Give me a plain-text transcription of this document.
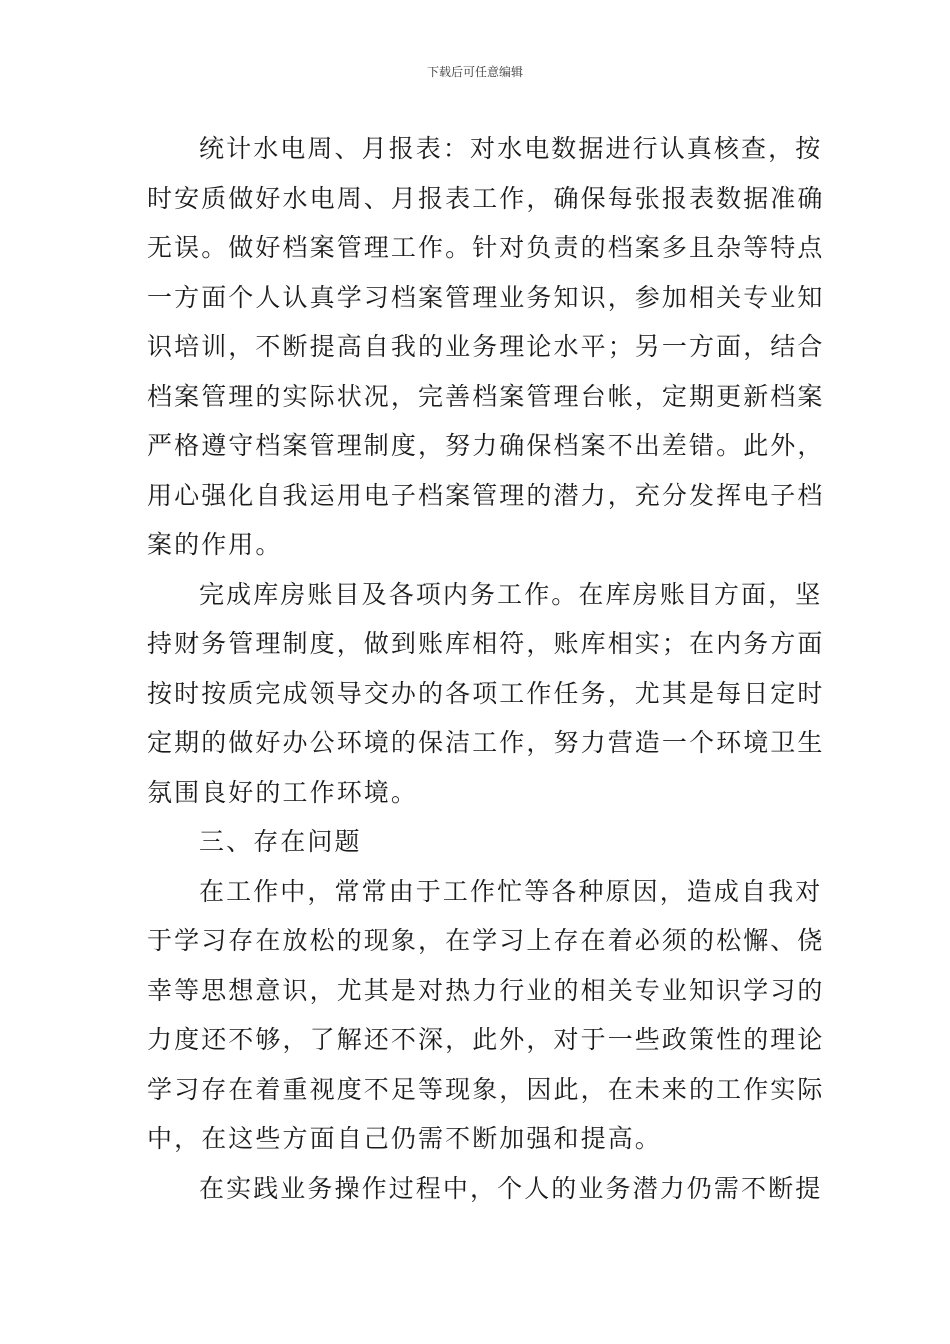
下载后可任意编辑
统计水电周、月报表：对水电数据进行认真核查，按
时安质做好水电周、月报表工作，确保每张报表数据准确
无误。做好档案管理工作。针对负责的档案多且杂等特点
一方面个人认真学习档案管理业务知识，参加相关专业知
识培训，不断提高自我的业务理论水平；另一方面，结合
档案管理的实际状况，完善档案管理台帐，定期更新档案
严格遵守档案管理制度，努力确保档案不出差错。此外，
用心强化自我运用电子档案管理的潜力，充分发挥电子档
案的作用。
完成库房账目及各项内务工作。在库房账目方面，坚
持财务管理制度，做到账库相符，账库相实；在内务方面
按时按质完成领导交办的各项工作任务，尤其是每日定时
定期的做好办公环境的保洁工作，努力营造一个环境卫生
氛围良好的工作环境。
三、存在问题
在工作中，常常由于工作忙等各种原因，造成自我对
于学习存在放松的现象，在学习上存在着必须的松懈、侥
幸等思想意识，尤其是对热力行业的相关专业知识学习的
力度还不够，了解还不深，此外，对于一些政策性的理论
学习存在着重视度不足等现象，因此，在未来的工作实际
中，在这些方面自己仍需不断加强和提高。
在实践业务操作过程中，个人的业务潜力仍需不断提
